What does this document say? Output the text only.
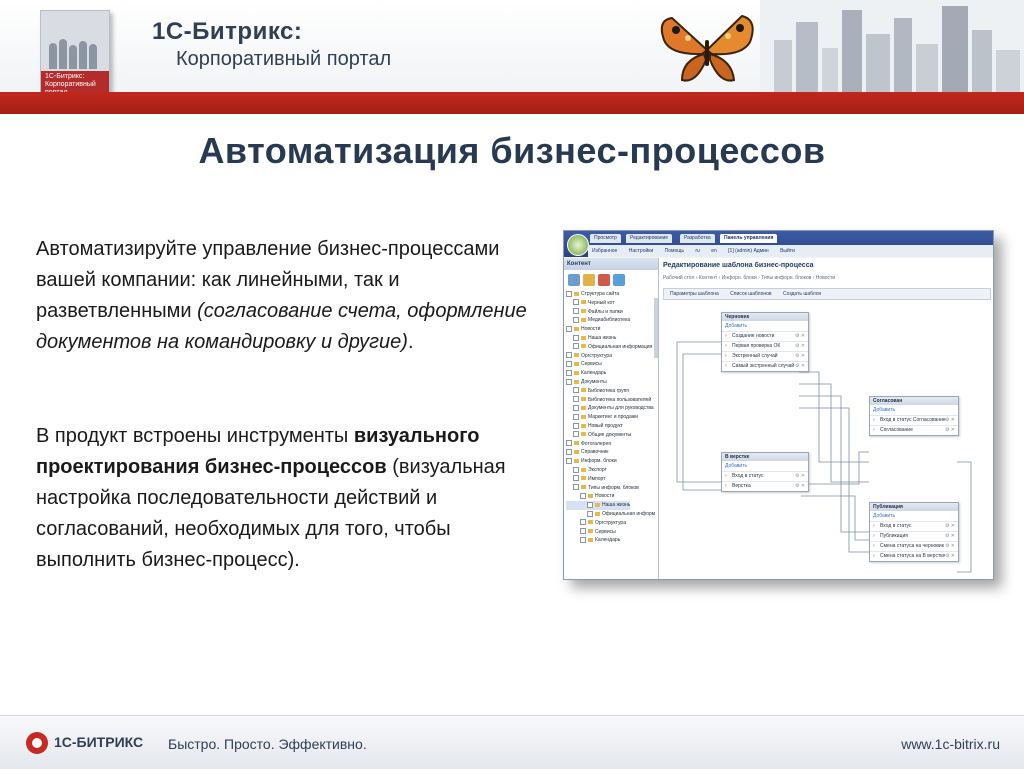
1С-Битрикс: Корпоративный
1С-Битрикс:
Корпоративный портал
Автоматизация бизнес-процессов
Автоматизируйте управление бизнес-процессами вашей компании: как линейными, так и разветвленными (согласование счета, оформление документов на командировку и другие).
В продукт встроены инструменты визуального проектирования бизнес-процессов (визуальная настройка последовательности действий и согласований, необходимых для того, чтобы выполнить бизнес-процесс).
Просмотр	Редактирование	Разработка	Панель управления
Избранное Настройки Помощь ru en [1] (admin) Админ Выйти
Контент
Структура сайта
Черный кот
Файлы и папки
Медиабиблиотека
Новости
Наша жизнь
Официальная информация
Оргструктура
Сервисы
Календарь
Документы
Библиотека групп
Библиотека пользователей
Документы для руководства
Маркетинг и продажи
Новый продукт
Общие документы
Фотогалерея
Справочник
Информ. блоки
Экспорт
Импорт
Типы информ. блоков
Новости
Наша жизнь
Официальная информ
Оргструктура
Сервисы
Календарь
Редактирование шаблона бизнес-процесса
Рабочий стол › Контент › Инфорн. блоки › Типы инфорн. блоков › Новости
Параметры шаблона Список шаблонов Создать шаблон
Черновик
Добавить
› Создание новости	⚙ ✕
› Первая проверка ОК	⚙ ✕
› Экстренный случай	⚙ ✕
› Самый экстренный случай ⚙ ✕
В верстке
Добавить
› Вход в статус	⚙ ✕
› Верстка	⚙ ✕
Согласован
Добавить
› Вход в статус Согласование ⚙ ✕
› Согласование	⚙ ✕
Публикация
Добавить
› Вход в статус	⚙ ✕
› Публикация	⚙ ✕
› Смена статуса на черновик ⚙ ✕
› Смена статуса на В верстке ⚙ ✕
1С-БИТРИКС Быстро. Просто. Эффективно.	www.1c-bitrix.ru
